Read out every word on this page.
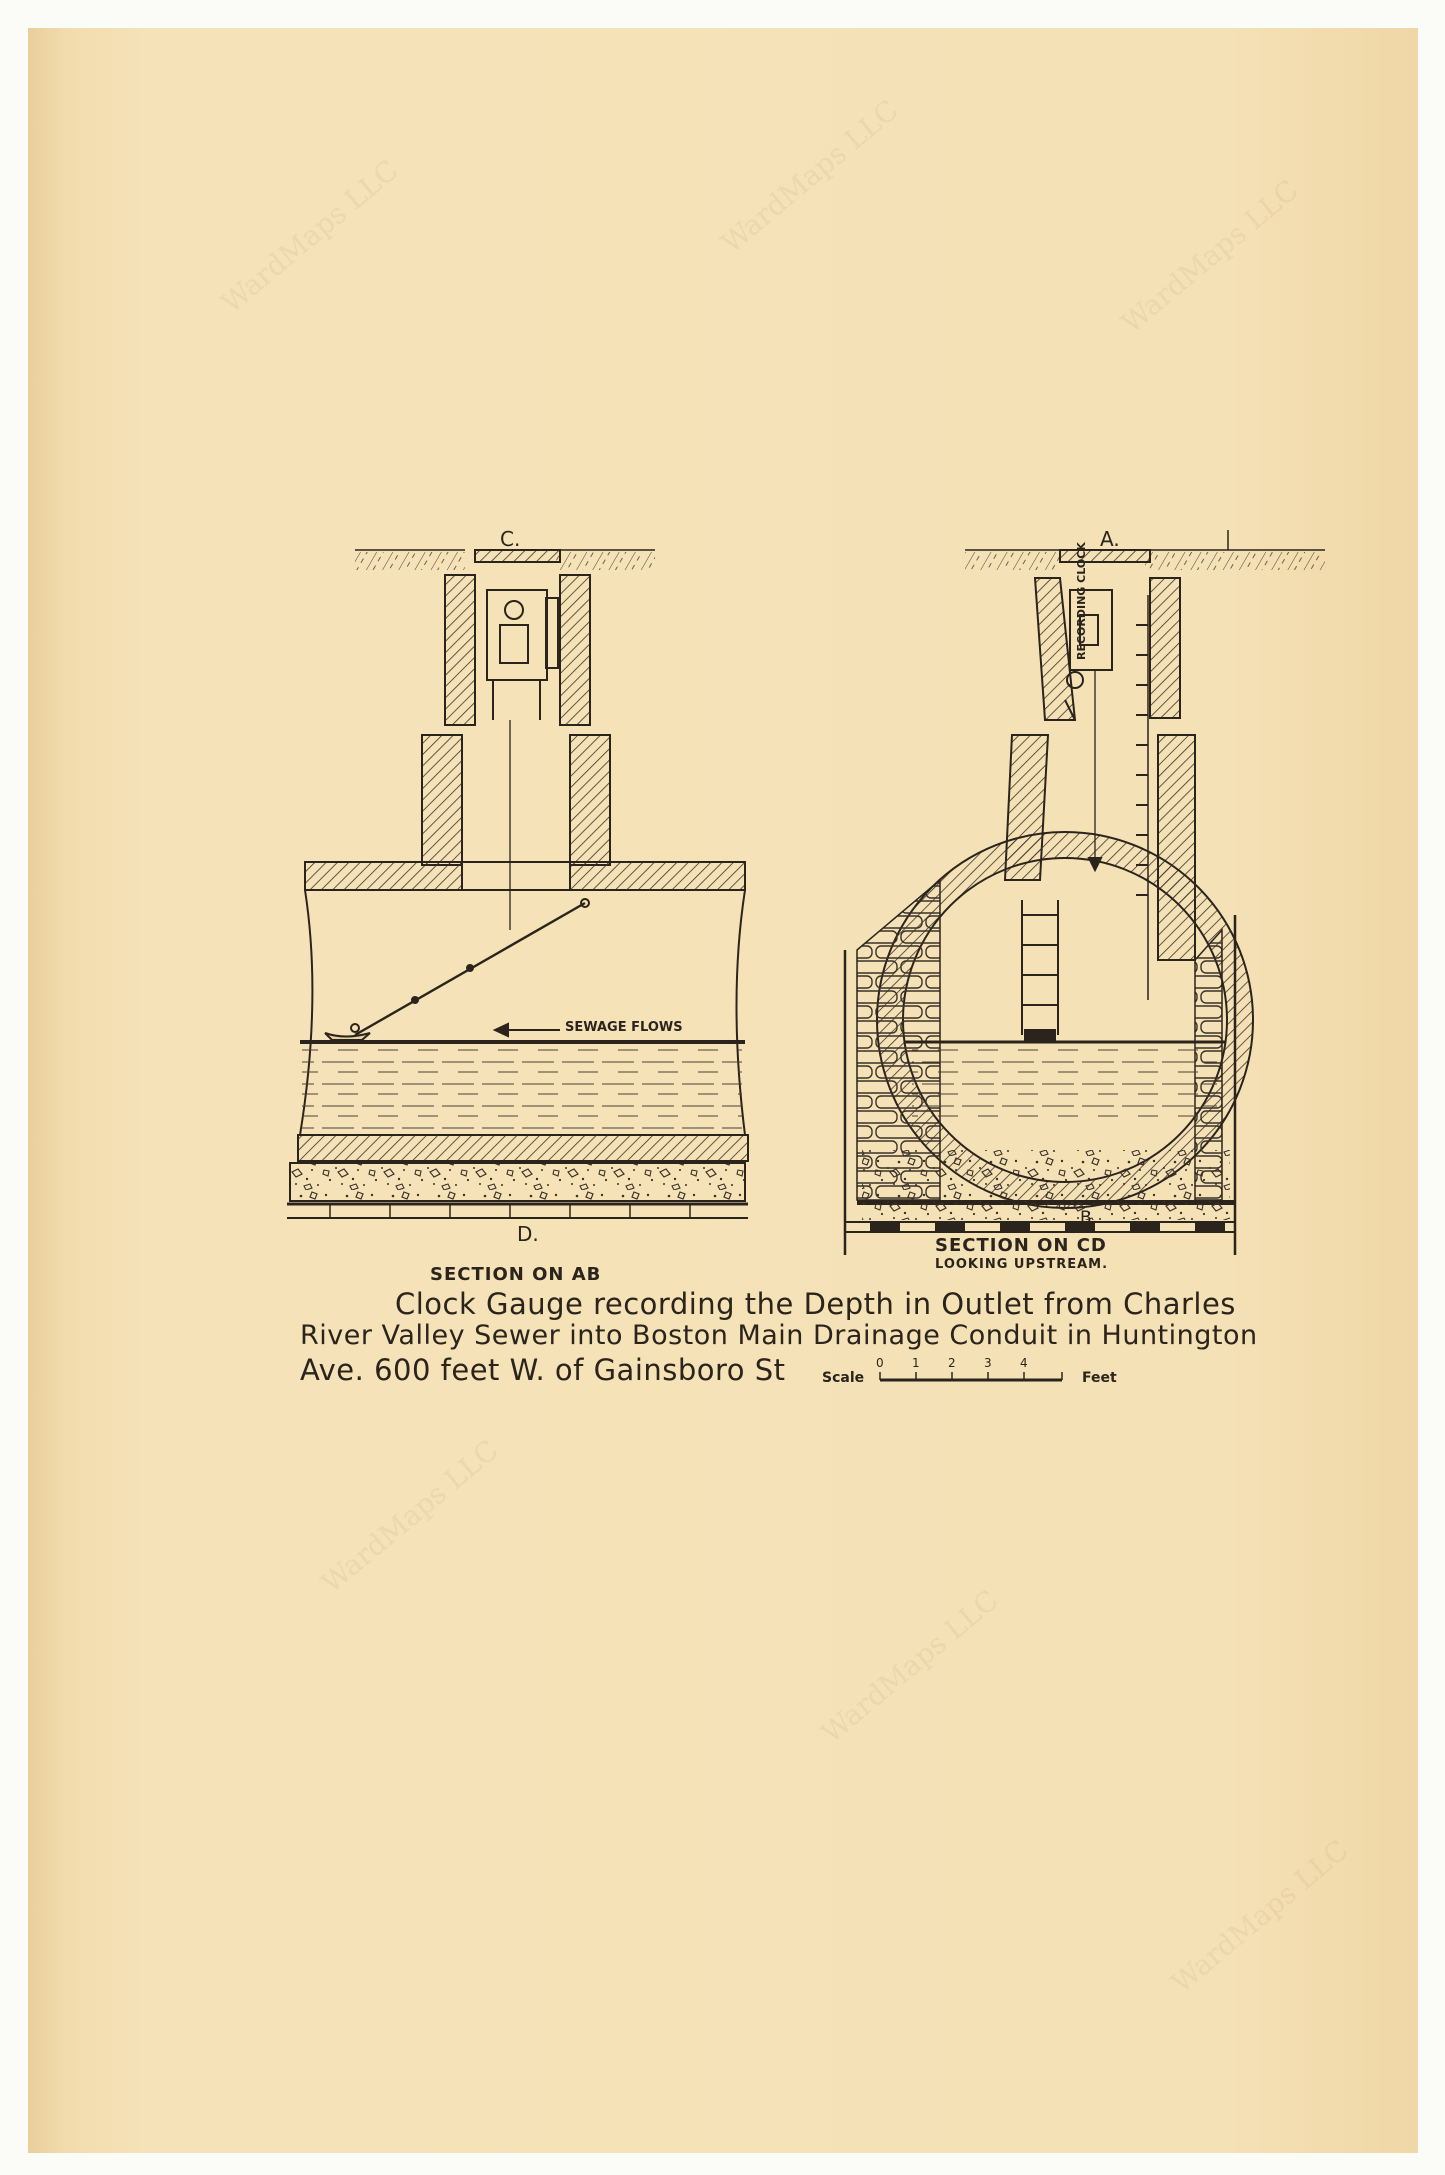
WardMaps LLC	WardMaps LLC	WardMaps LLC
WardMaps LLC
WardMaps LLC
WardMaps LLC
C.
D.
A.
B.
SEWAGE FLOWS
RECORDING CLOCK
SECTION ON AB
SECTION ON CD
LOOKING UPSTREAM.
Clock Gauge recording the Depth in Outlet from Charles
River Valley Sewer into Boston Main Drainage Conduit in Huntington
Ave. 600 feet W. of Gainsboro St	Scale	Feet
0 1 2 3 4
